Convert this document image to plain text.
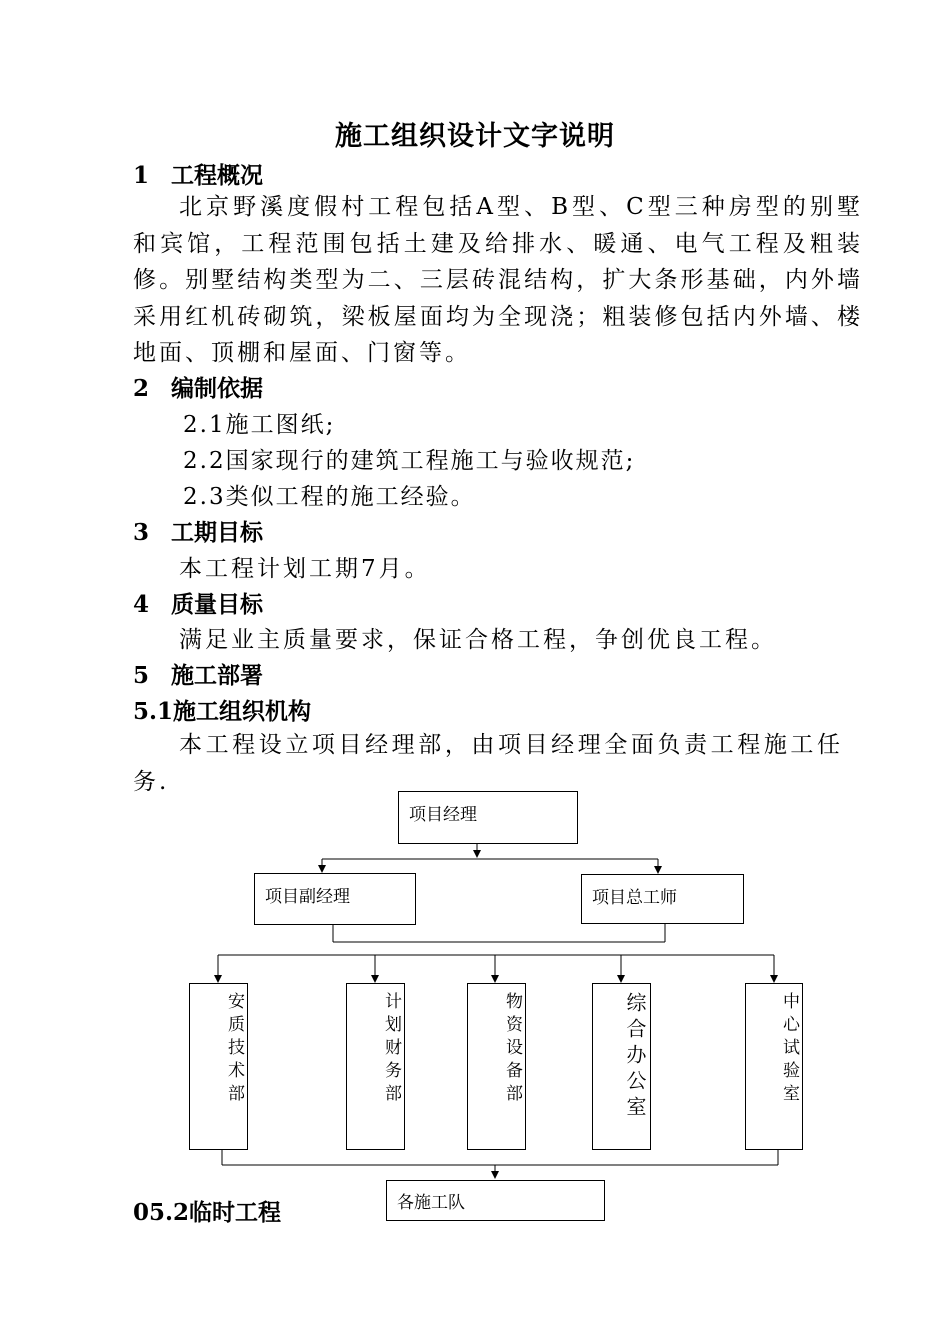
施工组织设计文字说明
1 工程概况

北京野溪度假村工程包括A型、B型、C型三种房型的别墅和宾馆，工程范围包括土建及给排水、暖通、电气工程及粗装修。别墅结构类型为二、三层砖混结构，扩大条形基础，内外墙采用红机砖砌筑，梁板屋面均为全现浇；粗装修包括内外墙、楼地面、顶棚和屋面、门窗等。

2 编制依据
2.1施工图纸;
2.2国家现行的建筑工程施工与验收规范;
2.3类似工程的施工经验。
3 工期目标
本工程计划工期7月。
4 质量目标
满足业主质量要求，保证合格工程，争创优良工程。
5 施工部署
5.1施工组织机构

本工程设立项目经理部，由项目经理全面负责工程施工任务.

项目经理
项目副经理	项目总工师
安质技术部	计划财务部	物资设备部	综合办公室	中心试验室
各施工队
05.2临时工程
